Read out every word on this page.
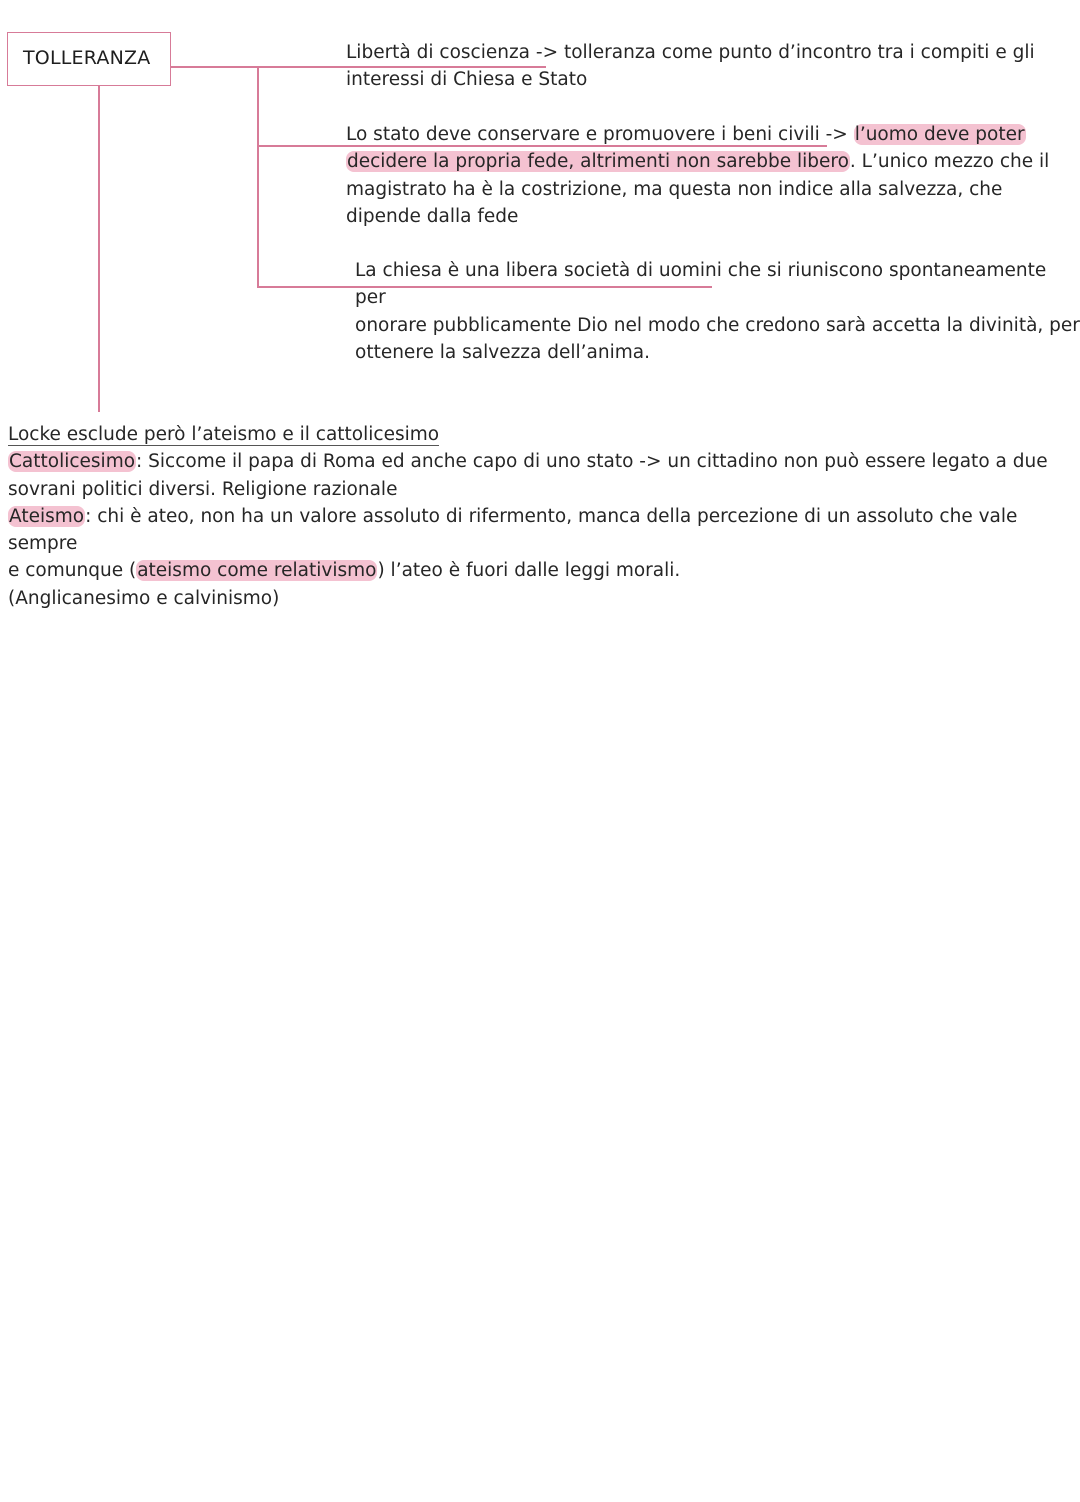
TOLLERANZA	Libertà di coscienza -> tolleranza come punto d’incontro tra i compiti e gli
interessi di Chiesa e Stato
Lo stato deve conservare e promuovere i beni civili -> l’uomo deve poter
decidere la propria fede, altrimenti non sarebbe libero. L’unico mezzo che il
magistrato ha è la costrizione, ma questa non indice alla salvezza, che
dipende dalla fede
La chiesa è una libera società di uomini che si riuniscono spontaneamente per
onorare pubblicamente Dio nel modo che credono sarà accetta la divinità, per
ottenere la salvezza dell’anima.
Locke esclude però l’ateismo e il cattolicesimo
Cattolicesimo: Siccome il papa di Roma ed anche capo di uno stato -> un cittadino non può essere legato a due
sovrani politici diversi. Religione razionale
Ateismo: chi è ateo, non ha un valore assoluto di rifermento, manca della percezione di un assoluto che vale sempre
e comunque (ateismo come relativismo) l’ateo è fuori dalle leggi morali.
(Anglicanesimo e calvinismo)
